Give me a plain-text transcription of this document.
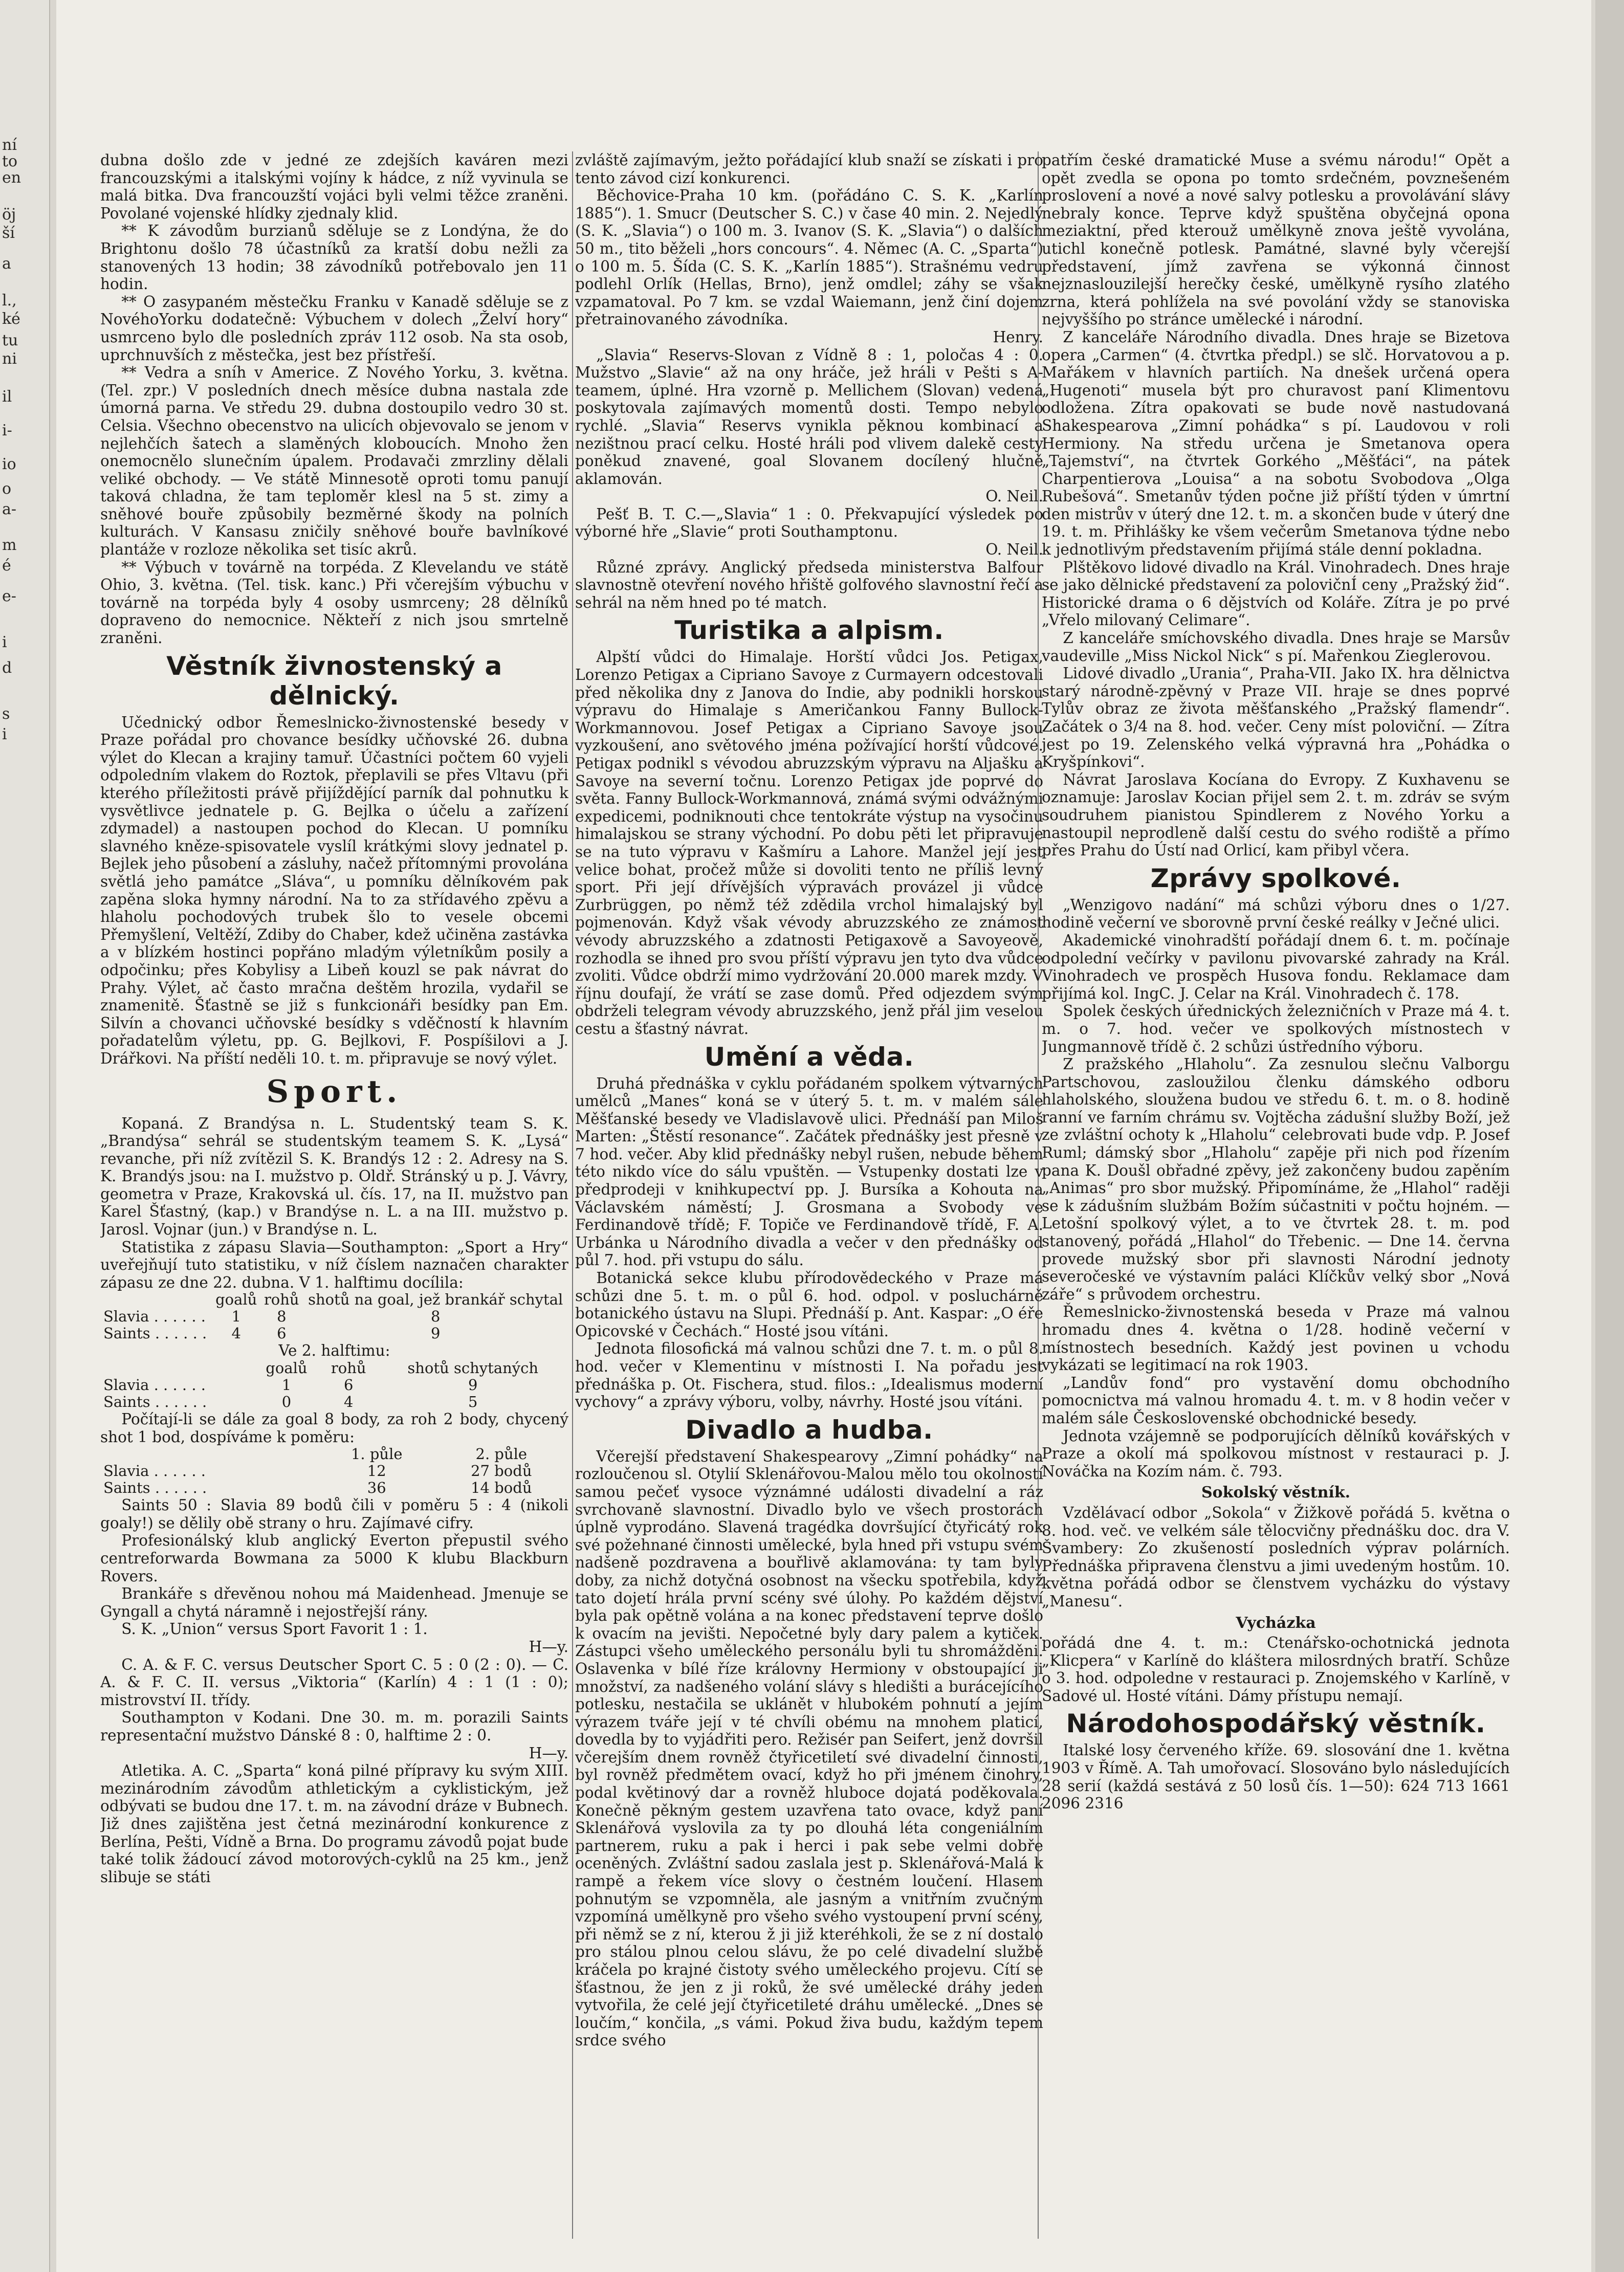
ní
to
en
öj
ší
a
l.,
ké
tu
ni
il
i-
io
o
a-
m
é
e-
i
d
s
i

dubna došlo zde v jedné ze zdejších kaváren mezi francouzskými a italskými vojíny k hádce, z níž vyvinula se malá bitka. Dva francouzští vojáci byli velmi těžce zraněni. Povolané vojenské hlídky zjednaly klid.

** K závodům burzianů sděluje se z Londýna, že do Brightonu došlo 78 účastníků za kratší dobu nežli za stanovených 13 hodin; 38 závodníků potřebovalo jen 11 hodin.

** O zasypaném městečku Franku v Kanadě sděluje se z NovéhoYorku dodatečně: Výbuchem v dolech „Želví hory“ usmrceno bylo dle posledních zpráv 112 osob. Na sta osob, uprchnuvších z městečka, jest bez přístřeší.

** Vedra a sníh v Americe. Z Nového Yorku, 3. května. (Tel. zpr.) V posledních dnech měsíce dubna nastala zde úmorná parna. Ve středu 29. dubna dostoupilo vedro 30 st. Celsia. Všechno obecenstvo na ulicích objevovalo se jenom v nejlehčích šatech a slaměných kloboucích. Mnoho žen onemocnělo slunečním úpalem. Prodavači zmrzliny dělali veliké obchody. — Ve státě Minnesotě oproti tomu panují taková chladna, že tam teploměr klesl na 5 st. zimy a sněhové bouře způsobily bezměrné škody na polních kulturách. V Kansasu zničily sněhové bouře bavlníkové plantáže v rozloze několika set tisíc akrů.

** Výbuch v továrně na torpéda. Z Klevelandu ve státě Ohio, 3. května. (Tel. tisk. kanc.) Při včerejším výbuchu v továrně na torpéda byly 4 osoby usmrceny; 28 dělníků dopraveno do nemocnice. Někteří z nich jsou smrtelně zraněni.

Věstník živnostenský a dělnický.

Učednický odbor Řemeslnicko-živnostenské besedy v Praze pořádal pro chovance besídky učňovské 26. dubna výlet do Klecan a krajiny tamuř. Účastníci počtem 60 vyjeli odpoledním vlakem do Roztok, přeplavili se přes Vltavu (při kterého příležitosti právě přijíždějící parník dal pohnutku k vysvětlivce jednatele p. G. Bejlka o účelu a zařízení zdymadel) a nastoupen pochod do Klecan. U pomníku slavného kněze-spisovatele vyslíl krátkými slovy jednatel p. Bejlek jeho působení a zásluhy, načež přítomnými provolána světlá jeho památce „Sláva“, u pomníku dělníkovém pak zapěna sloka hymny národní. Na to za střídavého zpěvu a hlaholu pochodových trubek šlo to vesele obcemi Přemyšlení, Veltěží, Zdiby do Chaber, kdež učiněna zastávka a v blízkém hostinci popřáno mladým výletníkům posily a odpočinku; přes Kobylisy a Libeň kouzl se pak návrat do Prahy. Výlet, ač často mračna deštěm hrozila, vydařil se znamenitě. Šťastně se již s funkcionáři besídky pan Em. Silvín a chovanci učňovské besídky s vděčností k hlavním pořadatelům výletu, pp. G. Bejlkovi, F. Pospíšilovi a J. Drářkovi. Na příští neděli 10. t. m. připravuje se nový výlet.

Sport.

Kopaná. Z Brandýsa n. L. Studentský team S. K. „Brandýsa“ sehrál se studentským teamem S. K. „Lysá“ revanche, při níž zvítězil S. K. Brandýs 12 : 2. Adresy na S. K. Brandýs jsou: na I. mužstvo p. Oldř. Stránský u p. J. Vávry, geometra v Praze, Krakovská ul. čís. 17, na II. mužstvo pan Karel Šťastný, (kap.) v Brandýse n. L. a na III. mužstvo p. Jarosl. Vojnar (jun.) v Brandýse n. L.

Statistika z zápasu Slavia—Southampton: „Sport a Hry“ uveřejňují tuto statistiku, v níž číslem naznačen charakter zápasu ze dne 22. dubna. V 1. halftimu docílila:

	goalů	rohů	shotů na goal, jež brankář schytal
Slavia . . . . . .	1	8	8
Saints . . . . . .	4	6	9
Ve 2. halftimu:
	goalů	rohů	shotů schytaných
Slavia . . . . . .	1	6	9
Saints . . . . . .	0	4	5

Počítají-li se dále za goal 8 body, za roh 2 body, chycený shot 1 bod, dospíváme k poměru:

	1. půle	2. půle
Slavia . . . . . .	12	27 bodů
Saints . . . . . .	36	14 bodů

Saints 50 : Slavia 89 bodů čili v poměru 5 : 4 (nikoli goaly!) se dělily obě strany o hru. Zajímavé cifry.

Profesionálský klub anglický Everton přepustil svého centreforwarda Bowmana za 5000 K klubu Blackburn Rovers.

Brankáře s dřevěnou nohou má Maidenhead. Jmenuje se Gyngall a chytá náramně i nejostřejší rány.

S. K. „Union“ versus Sport Favorit 1 : 1.

H—y.

C. A. & F. C. versus Deutscher Sport C. 5 : 0 (2 : 0). — C. A. & F. C. II. versus „Viktoria“ (Karlín) 4 : 1 (1 : 0); mistrovství II. třídy.

Southampton v Kodani. Dne 30. m. m. porazili Saints representační mužstvo Dánské 8 : 0, halftime 2 : 0.

H—y.

Atletika. A. C. „Sparta“ koná pilné přípravy ku svým XIII. mezinárodním závodům athletickým a cyklistickým, jež odbývati se budou dne 17. t. m. na závodní dráze v Bubnech. Již dnes zajištěna jest četná mezinárodní konkurence z Berlína, Pešti, Vídně a Brna. Do programu závodů pojat bude také tolik žádoucí závod motorových-cyklů na 25 km., jenž slibuje se státi

zvláště zajímavým, ježto pořádající klub snaží se získati i pro tento závod cizí konkurenci.

Běchovice-Praha 10 km. (pořádáno C. S. K. „Karlín 1885“). 1. Smucr (Deutscher S. C.) v čase 40 min. 2. Nejedlý (S. K. „Slavia“) o 100 m. 3. Ivanov (S. K. „Slavia“) o dalších 50 m., tito běželi „hors concours“. 4. Němec (A. C. „Sparta“) o 100 m. 5. Šída (C. S. K. „Karlín 1885“). Strašnému vedru podlehl Orlík (Hellas, Brno), jenž omdlel; záhy se však vzpamatoval. Po 7 km. se vzdal Waiemann, jenž činí dojem přetrainovaného závodníka.

Henry.

„Slavia“ Reservs-Slovan z Vídně 8 : 1, poločas 4 : 0. Mužstvo „Slavie“ až na ony hráče, jež hráli v Pešti s A-teamem, úplné. Hra vzorně p. Mellichem (Slovan) vedená poskytovala zajímavých momentů dosti. Tempo nebylo rychlé. „Slavia“ Reservs vynikla pěknou kombinací a nezištnou prací celku. Hosté hráli pod vlivem dalekě cesty poněkud znavené, goal Slovanem docílený hlučně aklamován.

O. Neil.

Pešť B. T. C.—„Slavia“ 1 : 0. Překvapující výsledek po výborné hře „Slavie“ proti Southamptonu.

O. Neil.

Různé zprávy. Anglický předseda ministerstva Balfour slavnostně otevření nového hřiště golfového slavnostní řečí a sehrál na něm hned po té match.

Turistika a alpism.

Alpští vůdci do Himalaje. Horští vůdci Jos. Petigax, Lorenzo Petigax a Cipriano Savoye z Curmayern odcestovali před několika dny z Janova do Indie, aby podnikli horskou výpravu do Himalaje s Američankou Fanny Bullock-Workmannovou. Josef Petigax a Cipriano Savoye jsou vyzkoušení, ano světového jména požívající horští vůdcové. Petigax podnikl s vévodou abruzzským výpravu na Aljašku a Savoye na severní točnu. Lorenzo Petigax jde poprvé do světa. Fanny Bullock-Workmannová, známá svými odvážnými expedicemi, podniknouti chce tentokráte výstup na vysočinu himalajskou se strany východní. Po dobu pěti let připravuje se na tuto výpravu v Kašmíru a Lahore. Manžel její jest velice bohat, pročež může si dovoliti tento ne příliš levný sport. Při její dřívějších výpravách provázel ji vůdce Zurbrüggen, po němž též zdědila vrchol himalajský byl pojmenován. Když však vévody abruzzského ze známost vévody abruzzského a zdatnosti Petigaxově a Savoyeově, rozhodla se ihned pro svou příští výpravu jen tyto dva vůdce zvoliti. Vůdce obdrží mimo vydržování 20.000 marek mzdy. V říjnu doufají, že vrátí se zase domů. Před odjezdem svým obdrželi telegram vévody abruzzského, jenž přál jim veselou cestu a šťastný návrat.

Umění a věda.

Druhá přednáška v cyklu pořádaném spolkem výtvarných umělců „Manes“ koná se v úterý 5. t. m. v malém sále Měšťanské besedy ve Vladislavově ulici. Přednáší pan Miloš Marten: „Štěstí resonance“. Začátek přednášky jest přesně v 7 hod. večer. Aby klid přednášky nebyl rušen, nebude během této nikdo více do sálu vpuštěn. — Vstupenky dostati lze v předprodeji v knihkupectví pp. J. Bursíka a Kohouta na Václavském náměstí; J. Grosmana a Svobody ve Ferdinandově třídě; F. Topiče ve Ferdinandově třídě, F. A. Urbánka u Národního divadla a večer v den přednášky od půl 7. hod. při vstupu do sálu.

Botanická sekce klubu přírodovědeckého v Praze má schůzi dne 5. t. m. o půl 6. hod. odpol. v posluchárně botanického ústavu na Slupi. Přednáší p. Ant. Kaspar: „O éře Opicovské v Čechách.“ Hosté jsou vítáni.

Jednota filosofická má valnou schůzi dne 7. t. m. o půl 8. hod. večer v Klementinu v místnosti I. Na pořadu jest přednáška p. Ot. Fischera, stud. filos.: „Idealismus moderní vychovy“ a zprávy výboru, volby, návrhy. Hosté jsou vítáni.

Divadlo a hudba.

Včerejší představení Shakespearovy „Zimní pohádky“ na rozloučenou sl. Otylií Sklenářovou-Malou mělo tou okolností samou pečeť vysoce význámné události divadelní a ráz svrchovaně slavnostní. Divadlo bylo ve všech prostorách úplně vyprodáno. Slavená tragédka dovršující čtyřicátý rok své požehnané činnosti umělecké, byla hned při vstupu svém nadšeně pozdravena a bouřlivě aklamována: ty tam byly doby, za nichž dotyčná osobnost na všecku spotřebila, když tato dojetí hrála první scény své úlohy. Po každém dějství byla pak opětně volána a na konec představení teprve došlo k ovacím na jevišti. Nepočetné byly dary palem a kytiček. Zástupci všeho uměleckého personálu byli tu shromážděni. Oslavenka v bílé říze královny Hermiony v obstoupající ji množství, za nadšeného volání slávy s hledišti a burácejícího potlesku, nestačila se uklánět v hlubokém pohnutí a jejím výrazem tváře její v té chvíli obému na mnohem platicí, dovedla by to vyjádřiti pero. Režisér pan Seifert, jenž dovršil včerejším dnem rovněž čtyřicetiletí své divadelní činnosti, byl rovněž předmětem ovací, když ho při jménem činohry, podal květinový dar a rovněž hluboce dojatá poděkovala. Konečně pěkným gestem uzavřena tato ovace, když paní Sklenářová vyslovila za ty po dlouhá léta congeniálním partnerem, ruku a pak i herci i pak sebe velmi dobře oceněných. Zvláštní sadou zaslala jest p. Sklenářová-Malá k rampě a řekem více slovy o čestném loučení. Hlasem pohnutým se vzpomněla, ale jasným a vnitřním zvučným vzpomíná umělkyně pro všeho svého vystoupení první scény, při němž se z ní, kterou ž ji již kteréhkoli, že se z ní dostalo pro stálou plnou celou slávu, že po celé divadelní službě kráčela po krajné čistoty svého uměleckého projevu. Cítí se šťastnou, že jen z ji roků, že své umělecké dráhy jeden vytvořila, že celé její čtyřicetileté dráhu umělecké. „Dnes se loučím,“ končila, „s vámi. Pokud živa budu, každým tepem srdce svého

patřím české dramatické Muse a svému národu!“ Opět a opět zvedla se opona po tomto srdečném, povznešeném proslovení a nové a nové salvy potlesku a provolávání slávy nebraly konce. Teprve když spuštěna obyčejná opona meziaktní, před kterouž umělkyně znova ještě vyvolána, utichl konečně potlesk. Památné, slavné byly včerejší představení, jímž zavřena se výkonná činnost nejznaslouzilejší herečky české, umělkyně rysího zlatého zrna, která pohlížela na své povolání vždy se stanoviska nejvyššího po stránce umělecké i národní.

Z kanceláře Národního divadla. Dnes hraje se Bizetova opera „Carmen“ (4. čtvrtka předpl.) se slč. Horvatovou a p. Mařákem v hlavních partiích. Na dnešek určená opera „Hugenoti“ musela být pro churavost paní Klimentovu odložena. Zítra opakovati se bude nově nastudovaná Shakespearova „Zimní pohádka“ s pí. Laudovou v roli Hermiony. Na středu určena je Smetanova opera „Tajemství“, na čtvrtek Gorkého „Měšťáci“, na pátek Charpentierova „Louisa“ a na sobotu Svobodova „Olga Rubešová“. Smetanův týden počne již příští týden v úmrtní den mistrův v úterý dne 12. t. m. a skončen bude v úterý dne 19. t. m. Přihlášky ke všem večerům Smetanova týdne nebo k jednotlivým představením přijímá stále denní pokladna.

Plštěkovo lidové divadlo na Král. Vinohradech. Dnes hraje se jako dělnické představení za polovičnÍ ceny „Pražský žid“. Historické drama o 6 dějstvích od Koláře. Zítra je po prvé „Vřelo milovaný Celimare“.

Z kanceláře smíchovského divadla. Dnes hraje se Marsův vaudeville „Miss Nickol Nick“ s pí. Mařenkou Zieglerovou.

Lidové divadlo „Urania“, Praha-VII. Jako IX. hra dělnictva starý národně-zpěvný v Praze VII. hraje se dnes poprvé Tylův obraz ze života měšťanského „Pražský flamendr“. Začátek o 3/4 na 8. hod. večer. Ceny míst poloviční. — Zítra jest po 19. Zelenského velká výpravná hra „Pohádka o Kryšpínkovi“.

Návrat Jaroslava Kocíana do Evropy. Z Kuxhavenu se oznamuje: Jaroslav Kocian přijel sem 2. t. m. zdráv se svým soudruhem pianistou Spindlerem z Nového Yorku a nastoupil neprodleně další cestu do svého rodiště a přímo přes Prahu do Ústí nad Orlicí, kam přibyl včera.

Zprávy spolkové.

„Wenzigovo nadání“ má schůzi výboru dnes o 1/27. hodině večerní ve sborovně první české reálky v Ječné ulici.

Akademické vinohradští pořádají dnem 6. t. m. počínaje odpolední večírky v pavilonu pivovarské zahrady na Král. Vinohradech ve prospěch Husova fondu. Reklamace dam přijímá kol. IngC. J. Celar na Král. Vinohradech č. 178.

Spolek českých úřednických železničních v Praze má 4. t. m. o 7. hod. večer ve spolkových místnostech v Jungmannově třídě č. 2 schůzi ústředního výboru.

Z pražského „Hlaholu“. Za zesnulou slečnu Valborgu Partschovou, zasloužilou členku dámského odboru hlaholského, sloužena budou ve středu 6. t. m. o 8. hodině ranní ve farním chrámu sv. Vojtěcha zádušní služby Boží, jež ze zvláštní ochoty k „Hlaholu“ celebrovati bude vdp. P. Josef Ruml; dámský sbor „Hlaholu“ zapěje při nich pod řízením pana K. Doušl obřadné zpěvy, jež zakončeny budou zapěním „Animas“ pro sbor mužský. Připomínáme, že „Hlahol“ raději se k zádušním službám Božím súčastniti v počtu hojném. — Letošní spolkový výlet, a to ve čtvrtek 28. t. m. pod stanovený, pořádá „Hlahol“ do Třebenic. — Dne 14. června provede mužský sbor při slavnosti Národní jednoty severočeské ve výstavním paláci Klíčkův velký sbor „Nová záře“ s průvodem orchestru.

Řemeslnicko-živnostenská beseda v Praze má valnou hromadu dnes 4. května o 1/28. hodině večerní v místnostech besedních. Každý jest povinen u vchodu vykázati se legitimací na rok 1903.

„Landův fond“ pro vystavění domu obchodního pomocnictva má valnou hromadu 4. t. m. v 8 hodin večer v malém sále Československé obchodnické besedy.

Jednota vzájemně se podporujících dělníků kovářských v Praze a okolí má spolkovou místnost v restauraci p. J. Nováčka na Kozím nám. č. 793.

Sokolský věstník.

Vzdělávací odbor „Sokola“ v Žižkově pořádá 5. května o 8. hod. več. ve velkém sále tělocvičny přednášku doc. dra V. Švambery: Zo zkušeností posledních výprav polárních. Přednáška připravena členstvu a jimi uvedeným hostům. 10. května pořádá odbor se členstvem vycházku do výstavy „Manesu“.

Vycházka

pořádá dne 4. t. m.: Ctenářsko-ochotnická jednota „Klicpera“ v Karlíně do kláštera milosrdných bratří. Schůze o 3. hod. odpoledne v restauraci p. Znojemského v Karlíně, v Sadové ul. Hosté vítáni. Dámy přístupu nemají.

Národohospodářský věstník.

Italské losy červeného kříže. 69. slosování dne 1. května 1903 v Římě. A. Tah umořovací. Slosováno bylo následujících 28 serií (každá sestává z 50 losů čís. 1—50): 624 713 1661 2096 2316
